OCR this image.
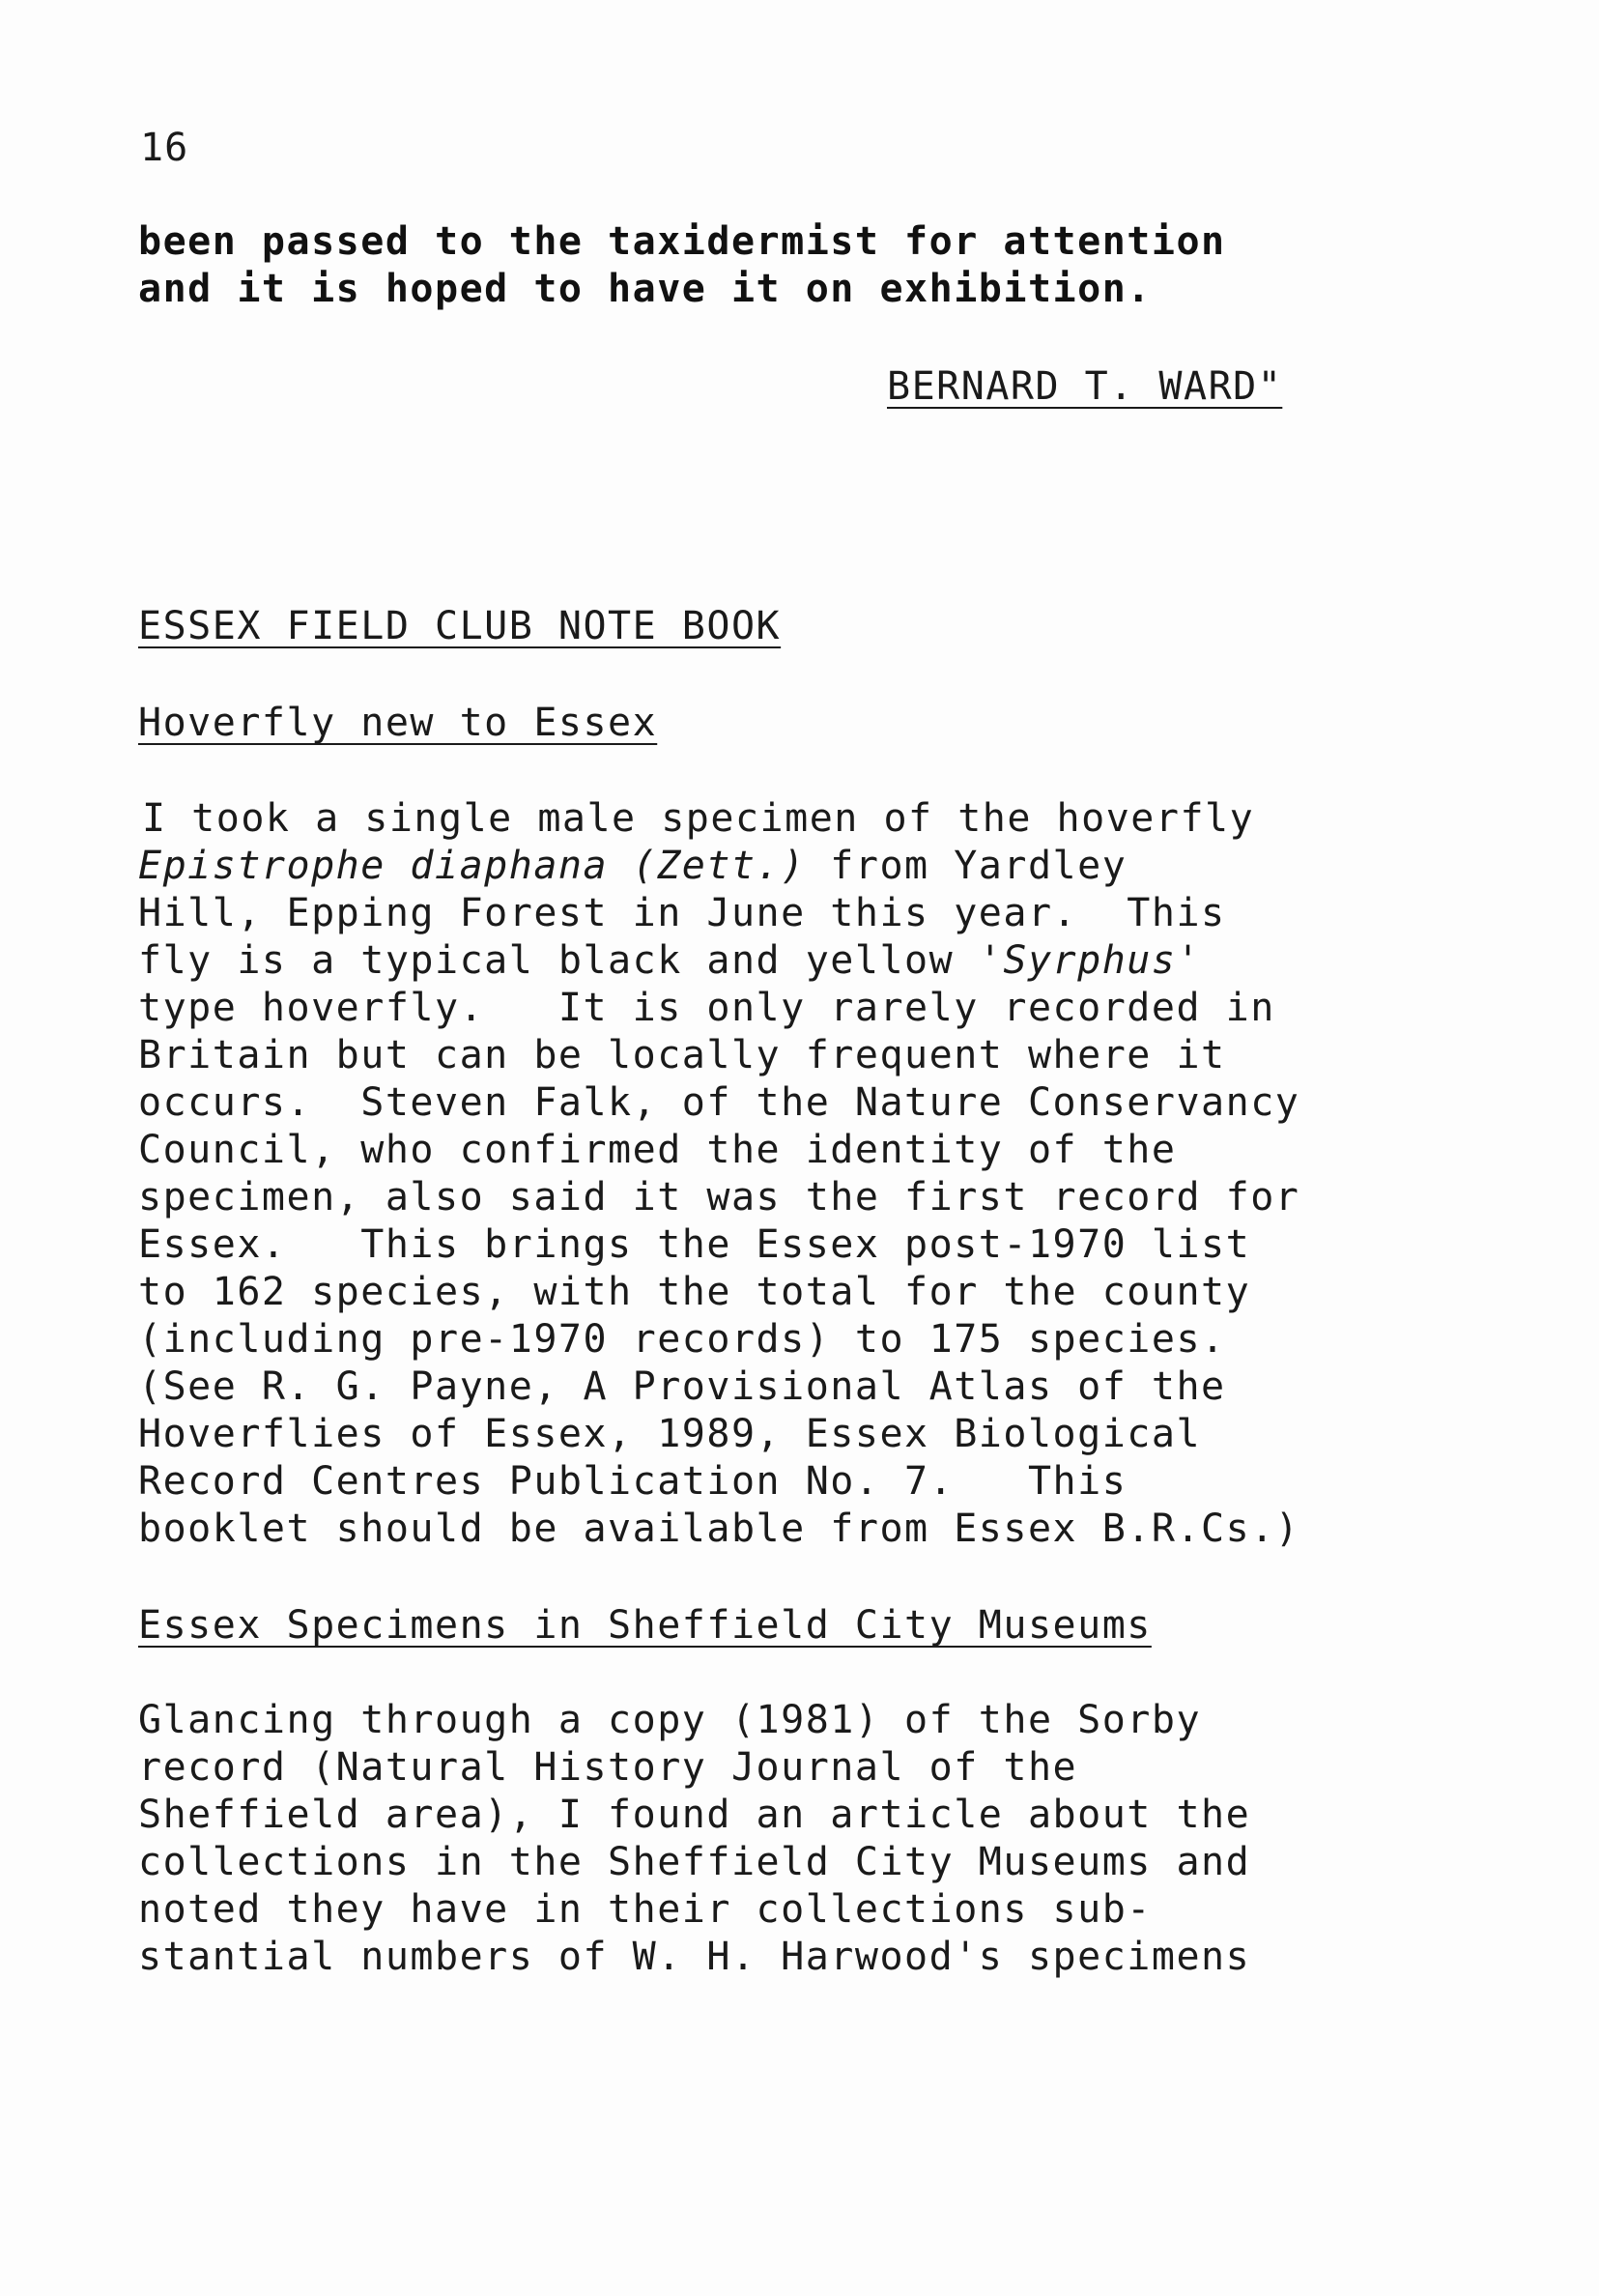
16
been passed to the taxidermist for attention
and it is hoped to have it on exhibition.
BERNARD T. WARD"
ESSEX FIELD CLUB NOTE BOOK
Hoverfly new to Essex
I took a single male specimen of the hoverfly
Epistrophe diaphana (Zett.) from Yardley
Hill, Epping Forest in June this year.  This
fly is a typical black and yellow 'Syrphus'
type hoverfly.   It is only rarely recorded in
Britain but can be locally frequent where it
occurs.  Steven Falk, of the Nature Conservancy
Council, who confirmed the identity of the
specimen, also said it was the first record for
Essex.   This brings the Essex post-1970 list
to 162 species, with the total for the county
(including pre-1970 records) to 175 species.
(See R. G. Payne, A Provisional Atlas of the
Hoverflies of Essex, 1989, Essex Biological
Record Centres Publication No. 7.   This
booklet should be available from Essex B.R.Cs.)
Essex Specimens in Sheffield City Museums
Glancing through a copy (1981) of the Sorby
record (Natural History Journal of the
Sheffield area), I found an article about the
collections in the Sheffield City Museums and
noted they have in their collections sub-
stantial numbers of W. H. Harwood's specimens
